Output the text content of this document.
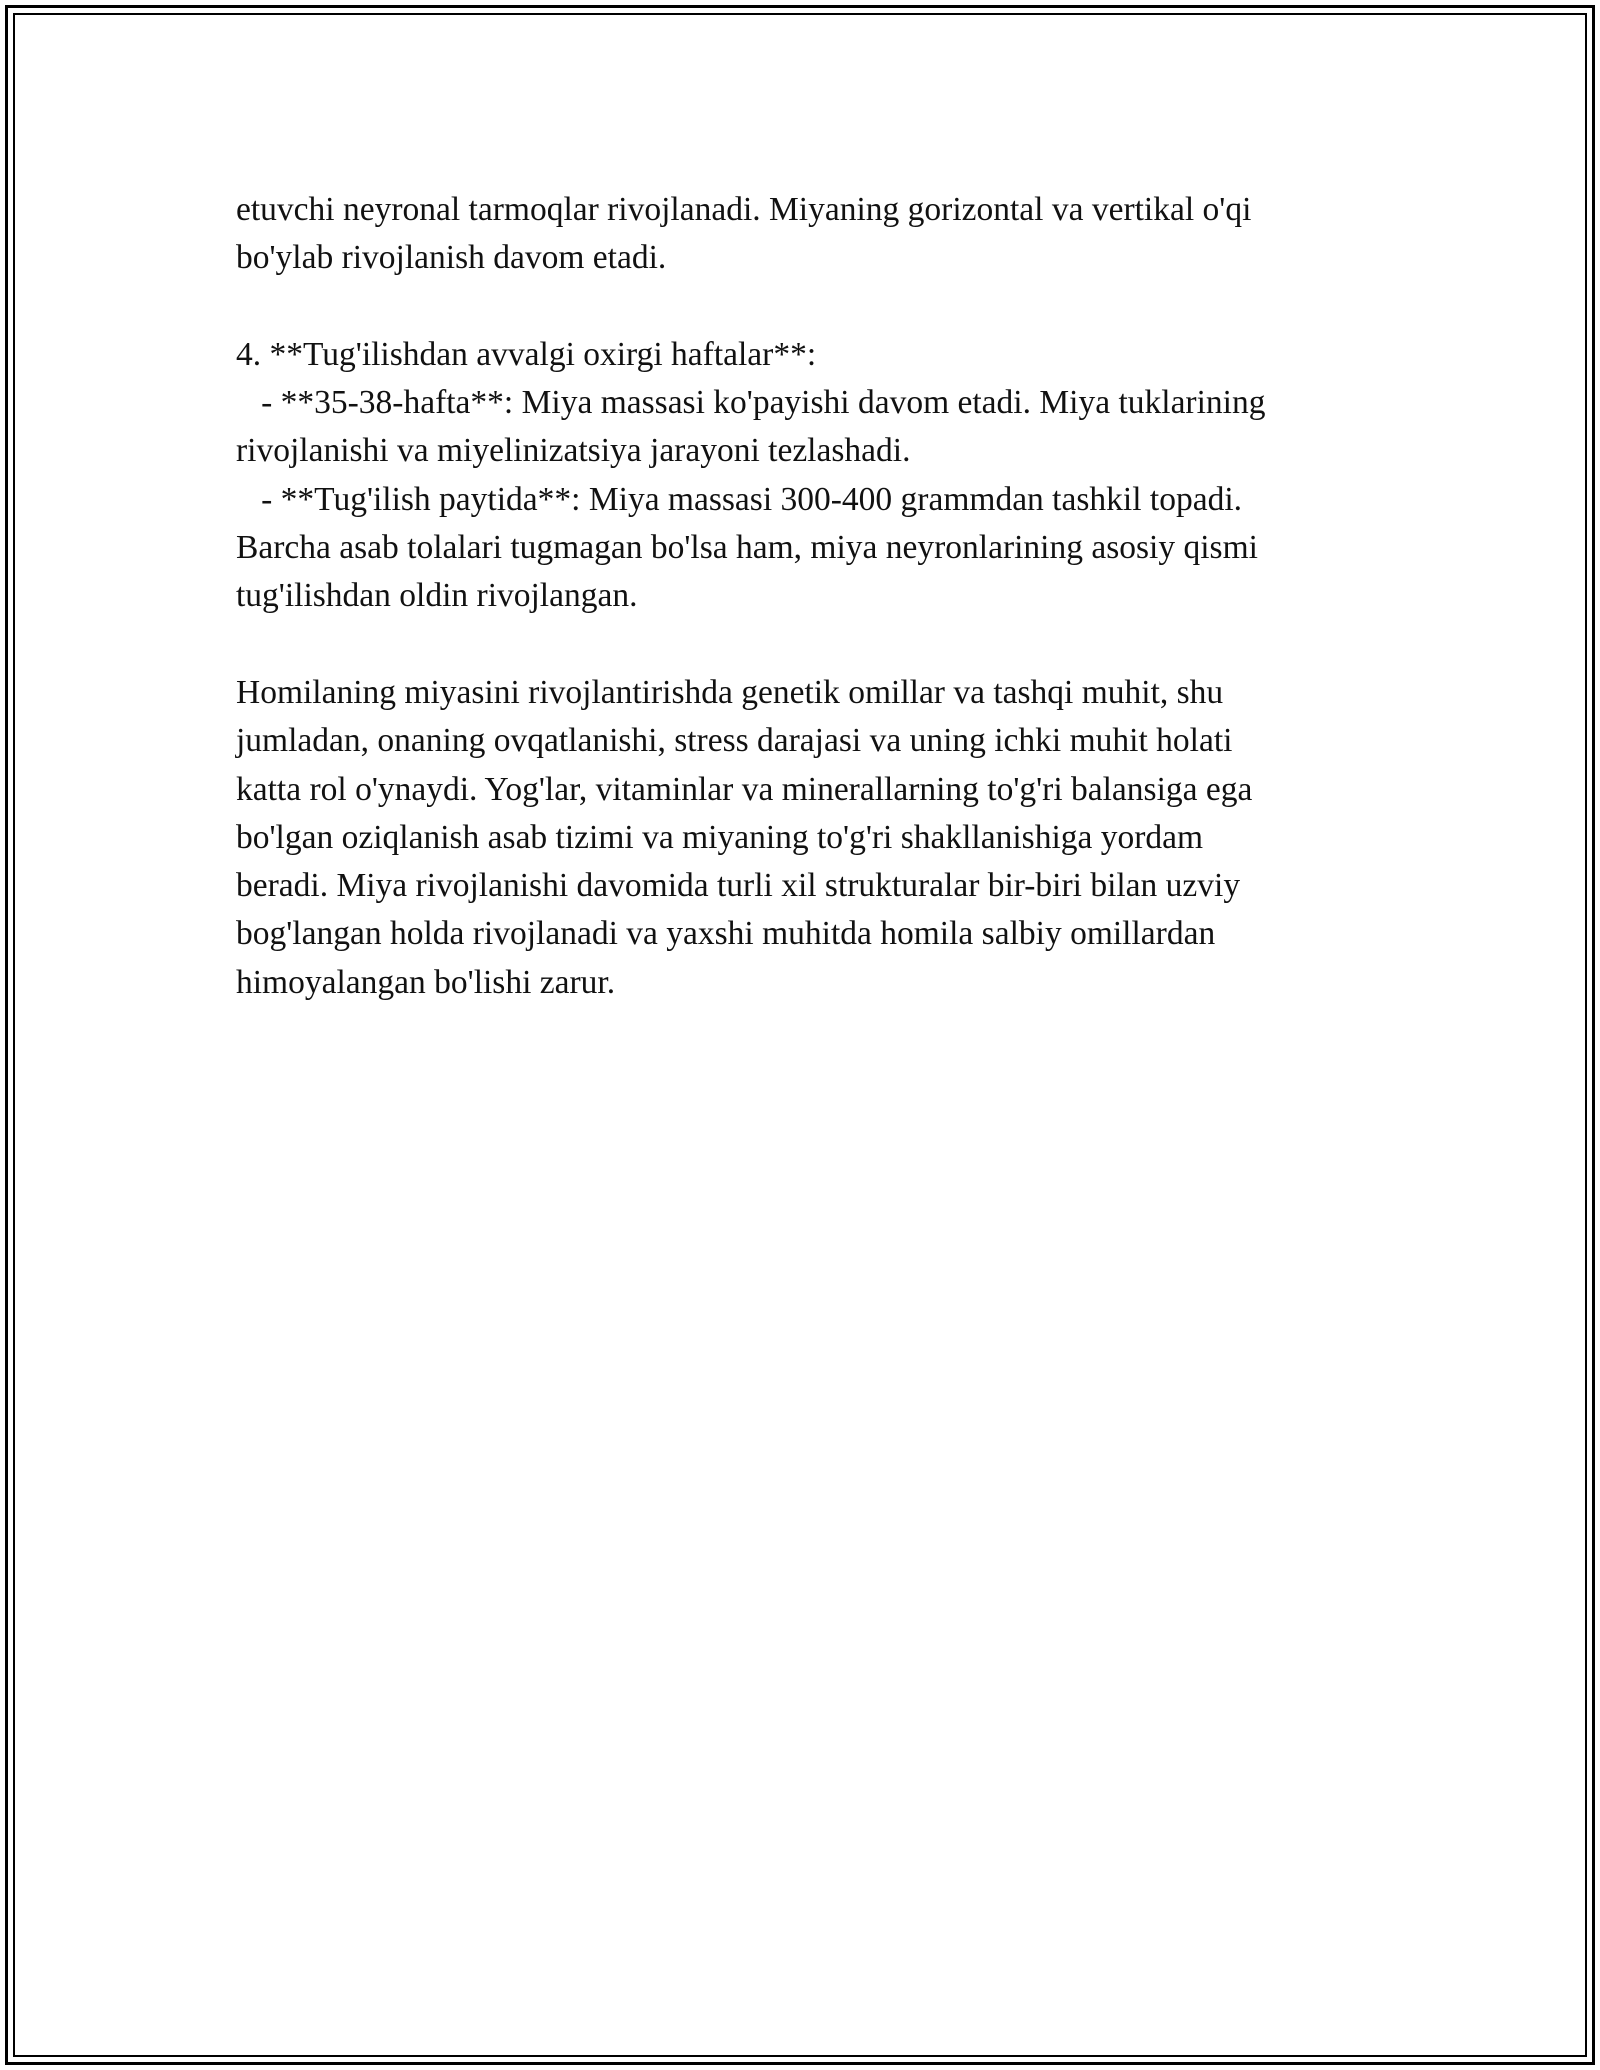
etuvchi neyronal tarmoqlar rivojlanadi. Miyaning gorizontal va vertikal o'qi
bo'ylab rivojlanish davom etadi.
4. **Tug'ilishdan avvalgi oxirgi haftalar**:
- **35-38-hafta**: Miya massasi ko'payishi davom etadi. Miya tuklarining
rivojlanishi va miyelinizatsiya jarayoni tezlashadi.
- **Tug'ilish paytida**: Miya massasi 300-400 grammdan tashkil topadi.
Barcha asab tolalari tugmagan bo'lsa ham, miya neyronlarining asosiy qismi
tug'ilishdan oldin rivojlangan.
Homilaning miyasini rivojlantirishda genetik omillar va tashqi muhit, shu
jumladan, onaning ovqatlanishi, stress darajasi va uning ichki muhit holati
katta rol o'ynaydi. Yog'lar, vitaminlar va minerallarning to'g'ri balansiga ega
bo'lgan oziqlanish asab tizimi va miyaning to'g'ri shakllanishiga yordam
beradi. Miya rivojlanishi davomida turli xil strukturalar bir-biri bilan uzviy
bog'langan holda rivojlanadi va yaxshi muhitda homila salbiy omillardan
himoyalangan bo'lishi zarur.
